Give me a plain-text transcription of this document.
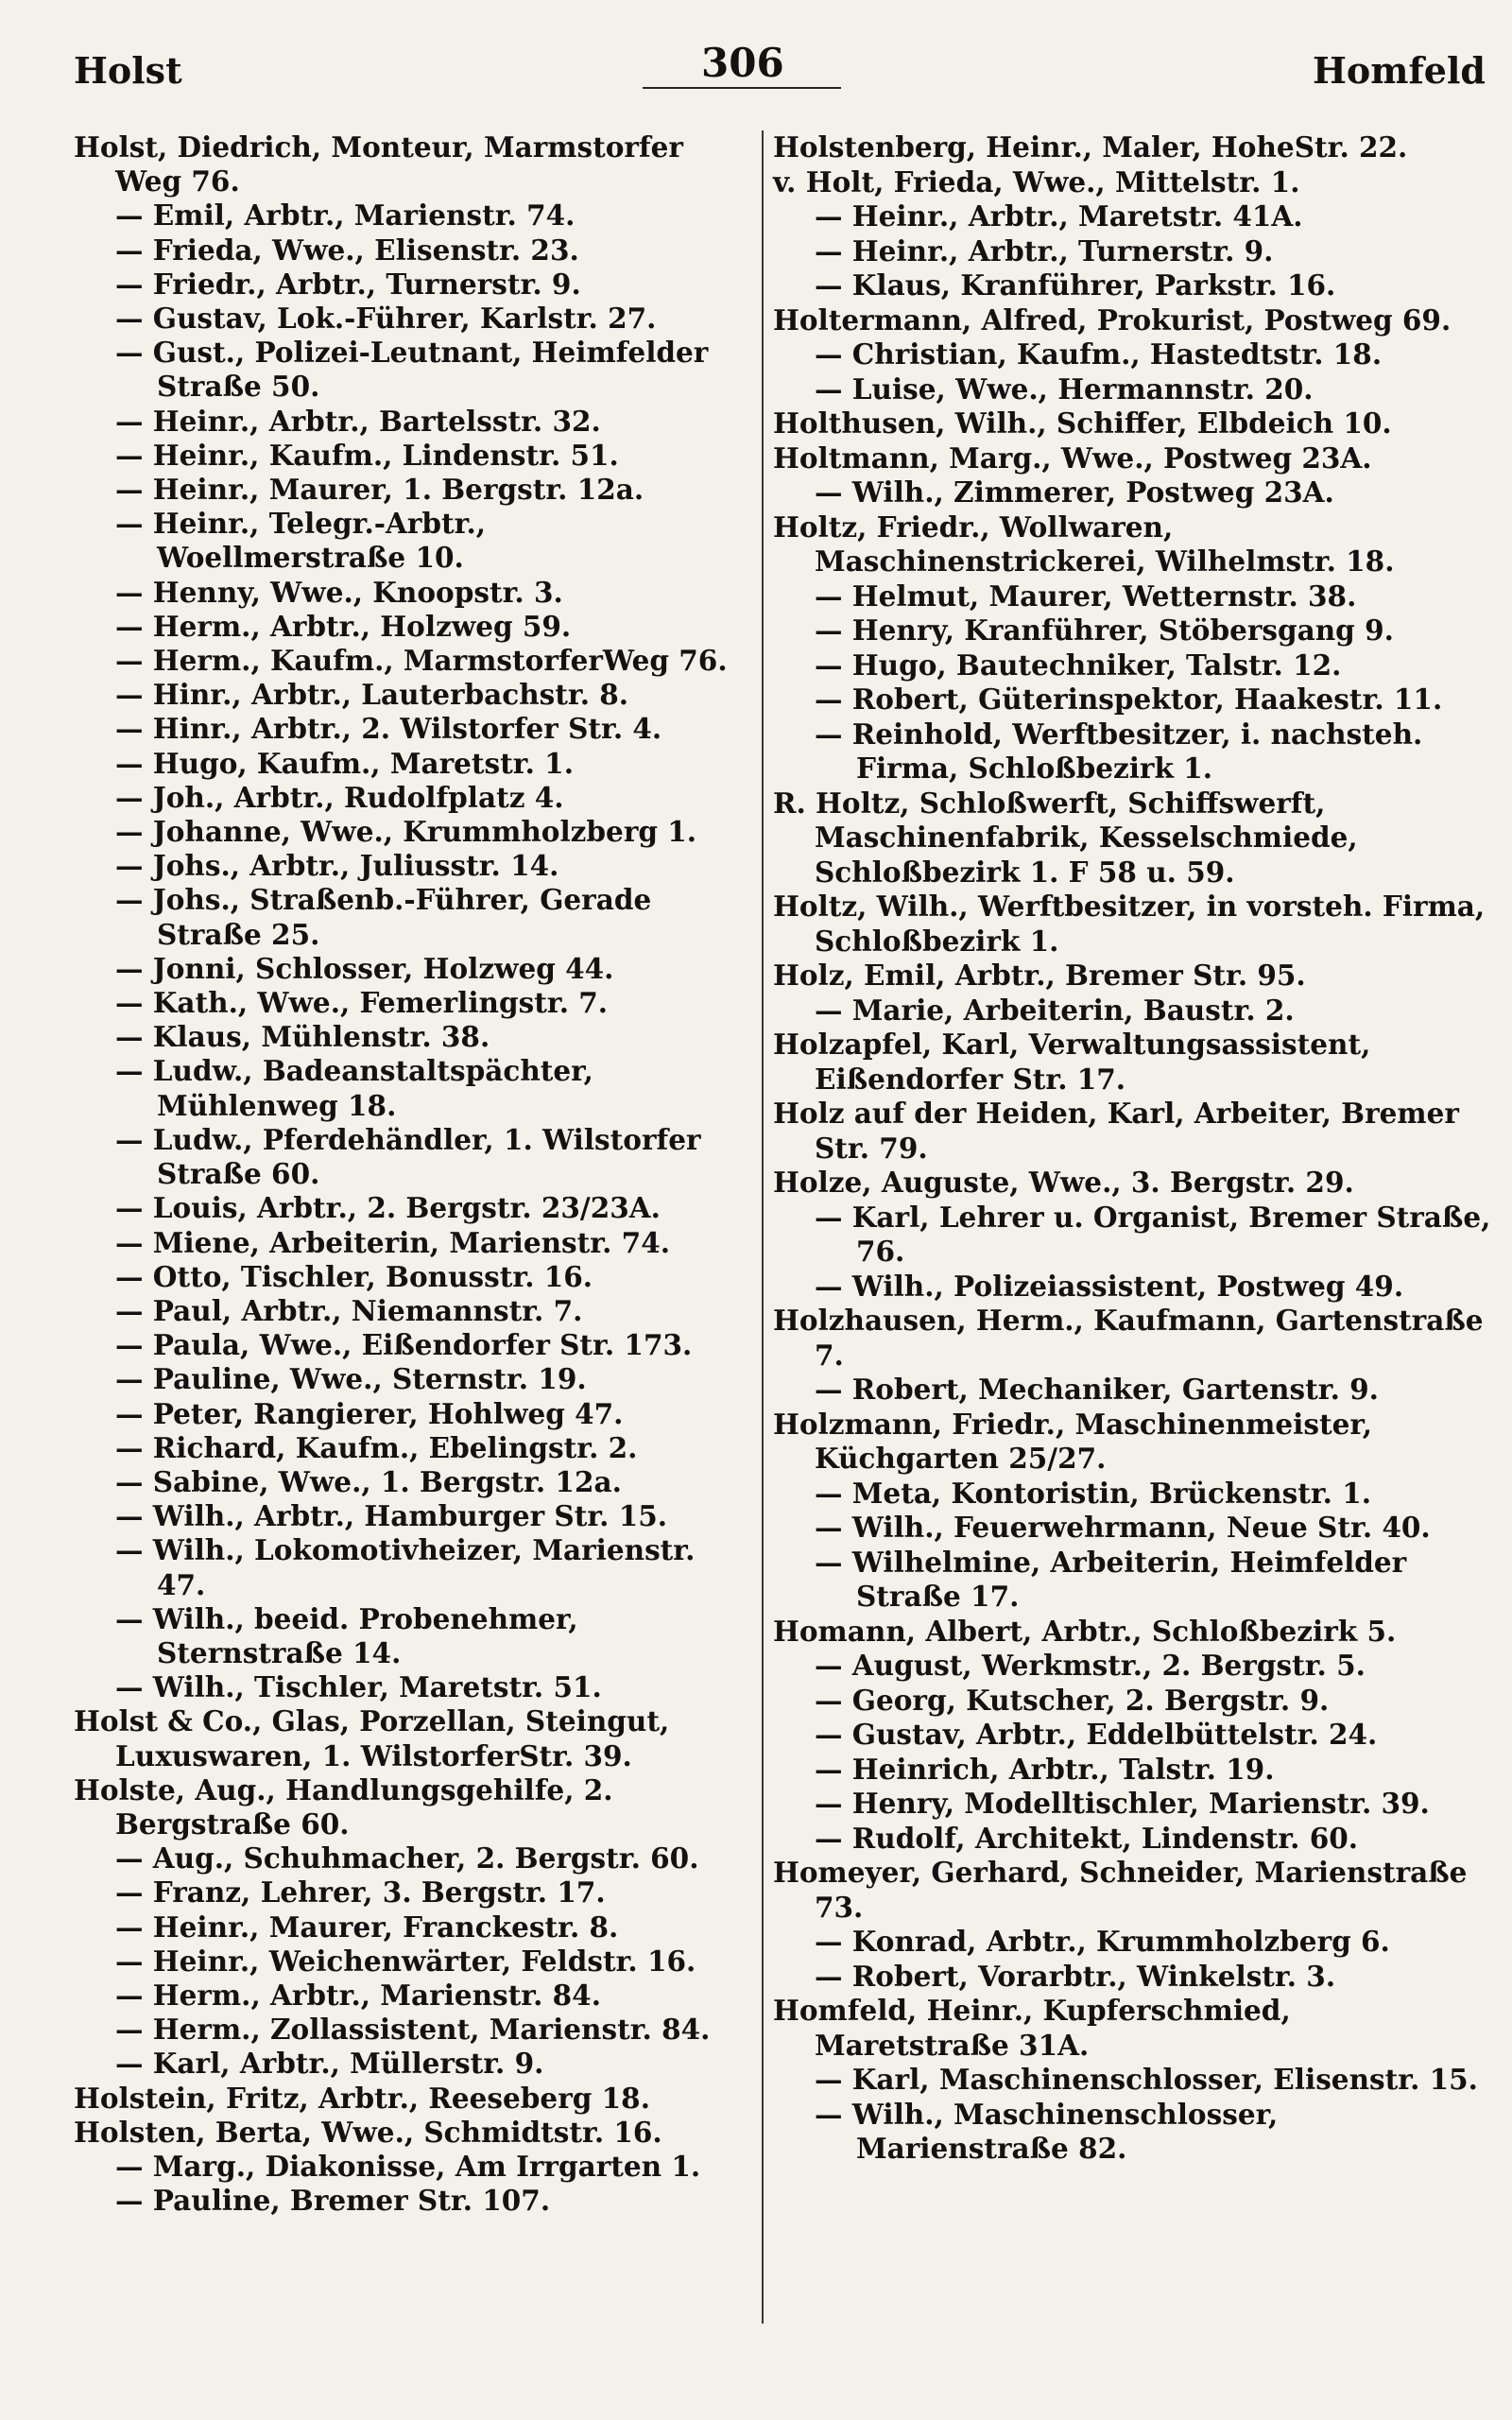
Holst	306	Homfeld
Holst, Diedrich, Monteur, Marmstorfer Weg 76.
— Emil, Arbtr., Marienstr. 74.
— Frieda, Wwe., Elisenstr. 23.
— Friedr., Arbtr., Turnerstr. 9.
— Gustav, Lok.-Führer, Karlstr. 27.
— Gust., Polizei-Leutnant, Heimfelder Straße 50.
— Heinr., Arbtr., Bartelsstr. 32.
— Heinr., Kaufm., Lindenstr. 51.
— Heinr., Maurer, 1. Bergstr. 12a.
— Heinr., Telegr.-Arbtr., Woellmerstraße 10.
— Henny, Wwe., Knoopstr. 3.
— Herm., Arbtr., Holzweg 59.
— Herm., Kaufm., MarmstorferWeg 76.
— Hinr., Arbtr., Lauterbachstr. 8.
— Hinr., Arbtr., 2. Wilstorfer Str. 4.
— Hugo, Kaufm., Maretstr. 1.
— Joh., Arbtr., Rudolfplatz 4.
— Johanne, Wwe., Krummholzberg 1.
— Johs., Arbtr., Juliusstr. 14.
— Johs., Straßenb.-Führer, Gerade Straße 25.
— Jonni, Schlosser, Holzweg 44.
— Kath., Wwe., Femerlingstr. 7.
— Klaus, Mühlenstr. 38.
— Ludw., Badeanstaltspächter, Mühlenweg 18.
— Ludw., Pferdehändler, 1. Wilstorfer Straße 60.
— Louis, Arbtr., 2. Bergstr. 23/23A.
— Miene, Arbeiterin, Marienstr. 74.
— Otto, Tischler, Bonusstr. 16.
— Paul, Arbtr., Niemannstr. 7.
— Paula, Wwe., Eißendorfer Str. 173.
— Pauline, Wwe., Sternstr. 19.
— Peter, Rangierer, Hohlweg 47.
— Richard, Kaufm., Ebelingstr. 2.
— Sabine, Wwe., 1. Bergstr. 12a.
— Wilh., Arbtr., Hamburger Str. 15.
— Wilh., Lokomotivheizer, Marienstr. 47.
— Wilh., beeid. Probenehmer, Sternstraße 14.
— Wilh., Tischler, Maretstr. 51.
Holst & Co., Glas, Porzellan, Steingut, Luxuswaren, 1. WilstorferStr. 39.
Holste, Aug., Handlungsgehilfe, 2. Bergstraße 60.
— Aug., Schuhmacher, 2. Bergstr. 60.
— Franz, Lehrer, 3. Bergstr. 17.
— Heinr., Maurer, Franckestr. 8.
— Heinr., Weichenwärter, Feldstr. 16.
— Herm., Arbtr., Marienstr. 84.
— Herm., Zollassistent, Marienstr. 84.
— Karl, Arbtr., Müllerstr. 9.
Holstein, Fritz, Arbtr., Reeseberg 18.
Holsten, Berta, Wwe., Schmidtstr. 16.
— Marg., Diakonisse, Am Irrgarten 1.
— Pauline, Bremer Str. 107.
Holstenberg, Heinr., Maler, HoheStr. 22.
v. Holt, Frieda, Wwe., Mittelstr. 1.
— Heinr., Arbtr., Maretstr. 41A.
— Heinr., Arbtr., Turnerstr. 9.
— Klaus, Kranführer, Parkstr. 16.
Holtermann, Alfred, Prokurist, Postweg 69.
— Christian, Kaufm., Hastedtstr. 18.
— Luise, Wwe., Hermannstr. 20.
Holthusen, Wilh., Schiffer, Elbdeich 10.
Holtmann, Marg., Wwe., Postweg 23A.
— Wilh., Zimmerer, Postweg 23A.
Holtz, Friedr., Wollwaren, Maschinenstrickerei, Wilhelmstr. 18.
— Helmut, Maurer, Wetternstr. 38.
— Henry, Kranführer, Stöbersgang 9.
— Hugo, Bautechniker, Talstr. 12.
— Robert, Güterinspektor, Haakestr. 11.
— Reinhold, Werftbesitzer, i. nachsteh. Firma, Schloßbezirk 1.
R. Holtz, Schloßwerft, Schiffswerft, Maschinenfabrik, Kesselschmiede, Schloßbezirk 1. F 58 u. 59.
Holtz, Wilh., Werftbesitzer, in vorsteh. Firma, Schloßbezirk 1.
Holz, Emil, Arbtr., Bremer Str. 95.
— Marie, Arbeiterin, Baustr. 2.
Holzapfel, Karl, Verwaltungsassistent, Eißendorfer Str. 17.
Holz auf der Heiden, Karl, Arbeiter, Bremer Str. 79.
Holze, Auguste, Wwe., 3. Bergstr. 29.
— Karl, Lehrer u. Organist, Bremer Straße, 76.
— Wilh., Polizeiassistent, Postweg 49.
Holzhausen, Herm., Kaufmann, Gartenstraße 7.
— Robert, Mechaniker, Gartenstr. 9.
Holzmann, Friedr., Maschinenmeister, Küchgarten 25/27.
— Meta, Kontoristin, Brückenstr. 1.
— Wilh., Feuerwehrmann, Neue Str. 40.
— Wilhelmine, Arbeiterin, Heimfelder Straße 17.
Homann, Albert, Arbtr., Schloßbezirk 5.
— August, Werkmstr., 2. Bergstr. 5.
— Georg, Kutscher, 2. Bergstr. 9.
— Gustav, Arbtr., Eddelbüttelstr. 24.
— Heinrich, Arbtr., Talstr. 19.
— Henry, Modelltischler, Marienstr. 39.
— Rudolf, Architekt, Lindenstr. 60.
Homeyer, Gerhard, Schneider, Marienstraße 73.
— Konrad, Arbtr., Krummholzberg 6.
— Robert, Vorarbtr., Winkelstr. 3.
Homfeld, Heinr., Kupferschmied, Maretstraße 31A.
— Karl, Maschinenschlosser, Elisenstr. 15.
— Wilh., Maschinenschlosser, Marienstraße 82.
